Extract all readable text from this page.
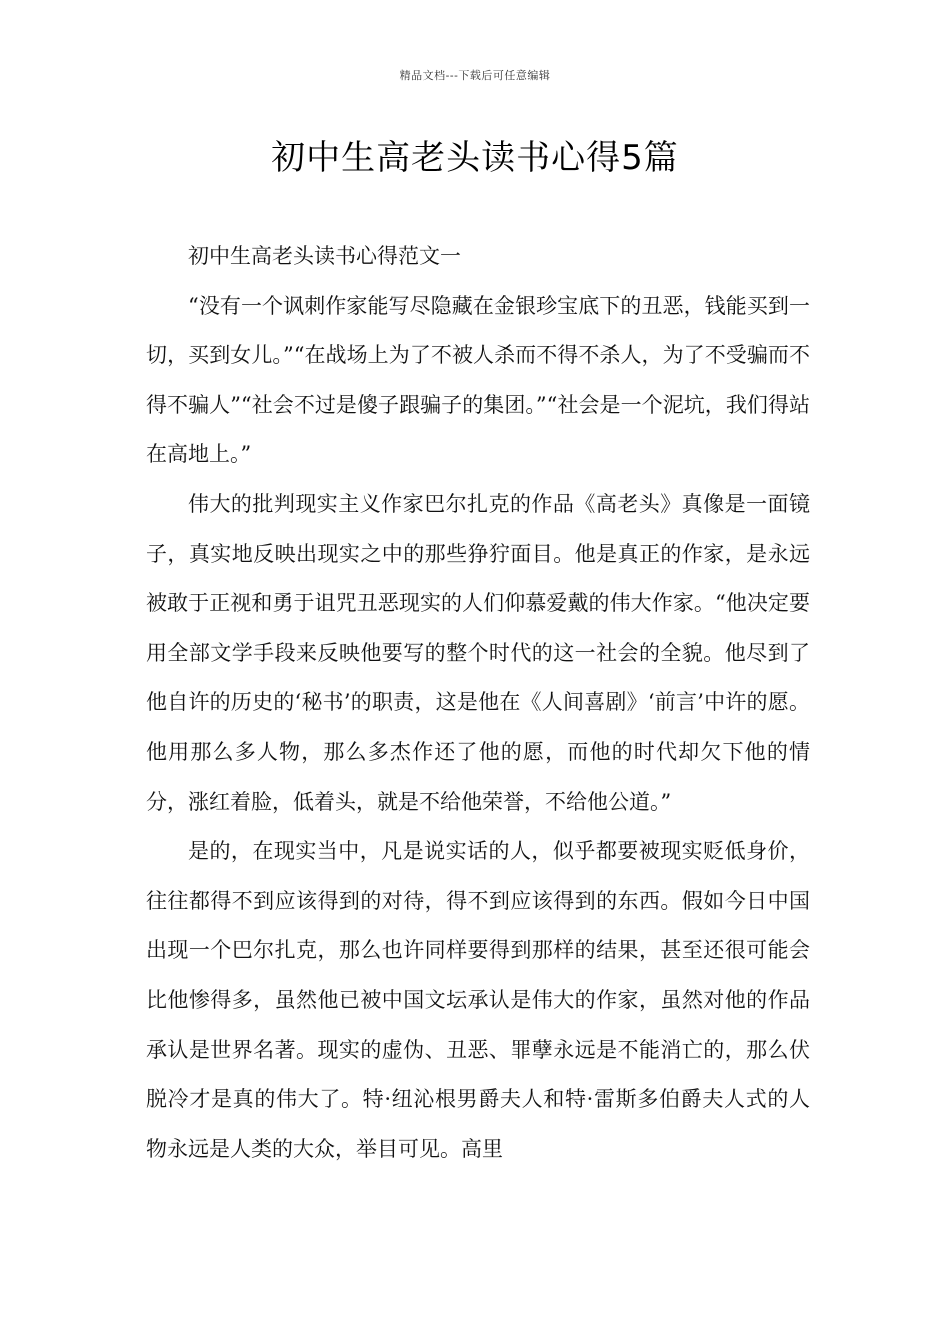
精品文档---下载后可任意编辑
初中生高老头读书心得5篇

初中生高老头读书心得范文一

“没有一个讽刺作家能写尽隐藏在金银珍宝底下的丑恶，钱能买到一切，买到女儿。”“在战场上为了不被人杀而不得不杀人，为了不受骗而不得不骗人”“社会不过是傻子跟骗子的集团。”“社会是一个泥坑，我们得站在高地上。”

伟大的批判现实主义作家巴尔扎克的作品《高老头》真像是一面镜子，真实地反映出现实之中的那些狰狞面目。他是真正的作家，是永远被敢于正视和勇于诅咒丑恶现实的人们仰慕爱戴的伟大作家。“他决定要用全部文学手段来反映他要写的整个时代的这一社会的全貌。他尽到了他自许的历史的‘秘书’的职责，这是他在《人间喜剧》‘前言’中许的愿。他用那么多人物，那么多杰作还了他的愿，而他的时代却欠下他的情分，涨红着脸，低着头，就是不给他荣誉，不给他公道。”

是的，在现实当中，凡是说实话的人，似乎都要被现实贬低身价，往往都得不到应该得到的对待，得不到应该得到的东西。假如今日中国出现一个巴尔扎克，那么也许同样要得到那样的结果，甚至还很可能会比他惨得多，虽然他已被中国文坛承认是伟大的作家，虽然对他的作品承认是世界名著。现实的虚伪、丑恶、罪孽永远是不能消亡的，那么伏脱冷才是真的伟大了。特·纽沁根男爵夫人和特·雷斯多伯爵夫人式的人物永远是人类的大众，举目可见。高里
